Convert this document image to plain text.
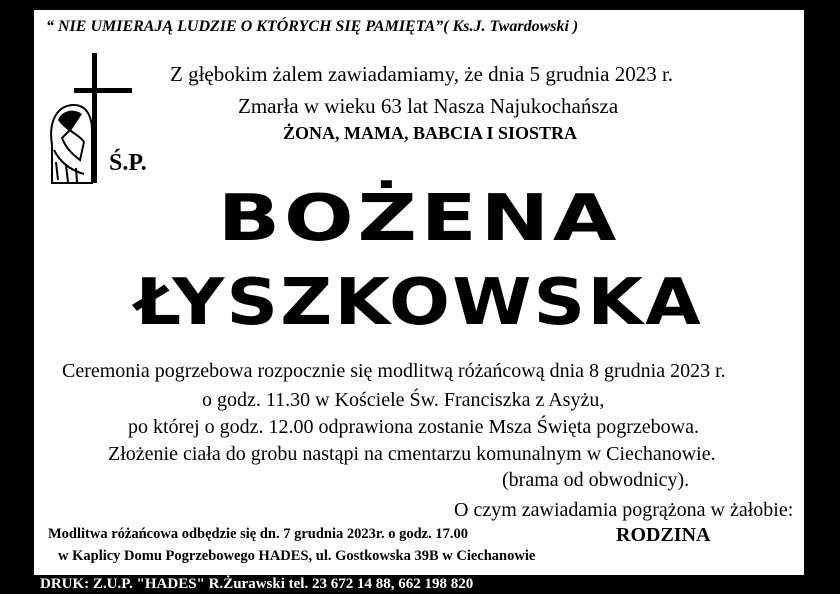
“ NIE UMIERAJĄ LUDZIE O KTÓRYCH SIĘ PAMIĘTA”( Ks.J. Twardowski )
Ś.P.
Z głębokim żalem zawiadamiamy, że dnia 5 grudnia 2023 r.
Zmarła w wieku 63 lat Nasza Najukochańsza
ŻONA, MAMA, BABCIA I SIOSTRA
BOŻENA
ŁYSZKOWSKA
Ceremonia pogrzebowa rozpocznie się modlitwą różańcową dnia 8 grudnia 2023 r.
o godz. 11.30 w Kościele Św. Franciszka z Asyżu,
po której o godz. 12.00 odprawiona zostanie Msza Święta pogrzebowa.
Złożenie ciała do grobu nastąpi na cmentarzu komunalnym w Ciechanowie.
(brama od obwodnicy).
O czym zawiadamia pogrążona w żałobie:
RODZINA
Modlitwa różańcowa odbędzie się dn. 7 grudnia 2023r. o godz. 17.00
w Kaplicy Domu Pogrzebowego HADES, ul. Gostkowska 39B w Ciechanowie
DRUK: Z.U.P. "HADES" R.Żurawski tel. 23 672 14 88, 662 198 820
